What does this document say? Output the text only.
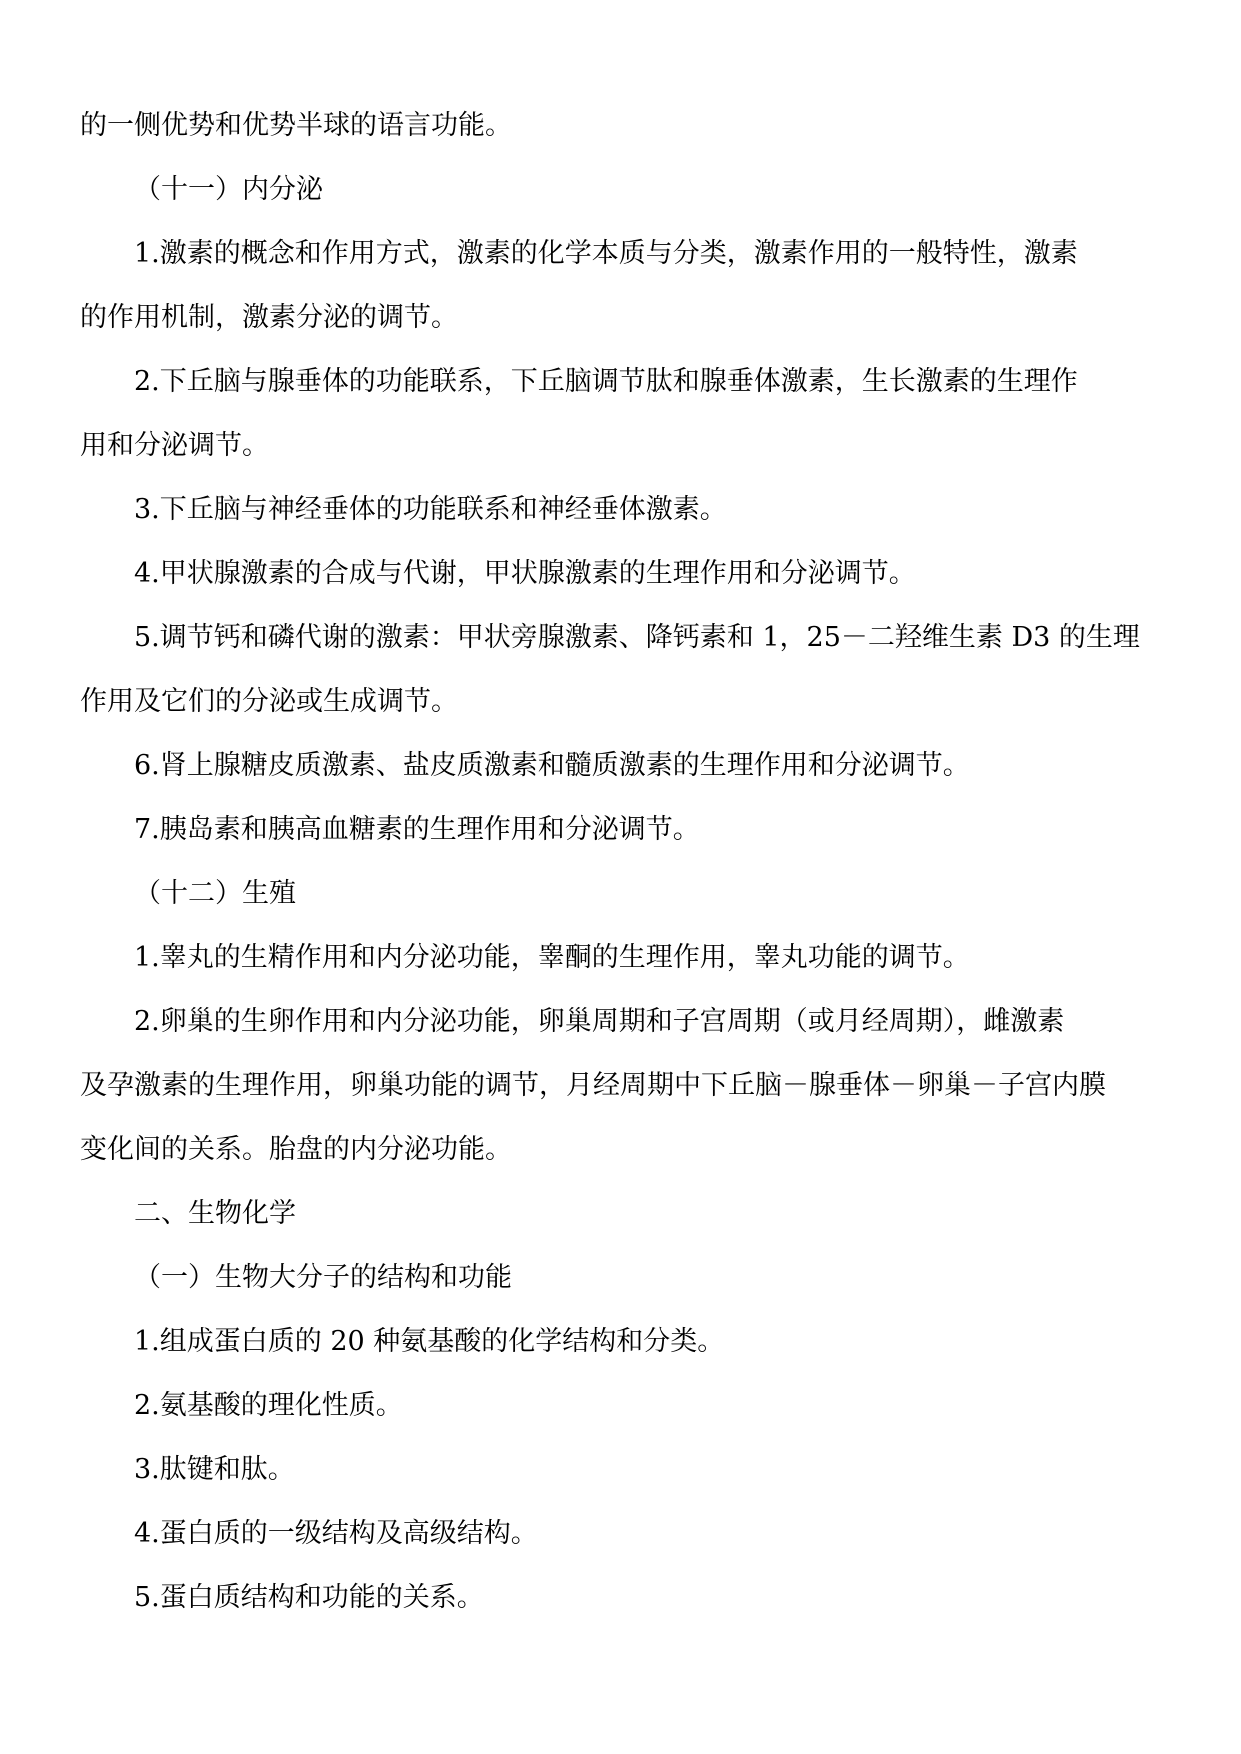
的一侧优势和优势半球的语言功能。
（十一）内分泌
1.激素的概念和作用方式，激素的化学本质与分类，激素作用的一般特性，激素
的作用机制，激素分泌的调节。
2.下丘脑与腺垂体的功能联系，下丘脑调节肽和腺垂体激素，生长激素的生理作
用和分泌调节。
3.下丘脑与神经垂体的功能联系和神经垂体激素。
4.甲状腺激素的合成与代谢，甲状腺激素的生理作用和分泌调节。
5.调节钙和磷代谢的激素：甲状旁腺激素、降钙素和 1，25－二羟维生素 D3 的生理
作用及它们的分泌或生成调节。
6.肾上腺糖皮质激素、盐皮质激素和髓质激素的生理作用和分泌调节。
7.胰岛素和胰高血糖素的生理作用和分泌调节。
（十二）生殖
1.睾丸的生精作用和内分泌功能，睾酮的生理作用，睾丸功能的调节。
2.卵巢的生卵作用和内分泌功能，卵巢周期和子宫周期（或月经周期），雌激素
及孕激素的生理作用，卵巢功能的调节，月经周期中下丘脑－腺垂体－卵巢－子宫内膜
变化间的关系。胎盘的内分泌功能。
二、生物化学
（一）生物大分子的结构和功能
1.组成蛋白质的 20 种氨基酸的化学结构和分类。
2.氨基酸的理化性质。
3.肽键和肽。
4.蛋白质的一级结构及高级结构。
5.蛋白质结构和功能的关系。
